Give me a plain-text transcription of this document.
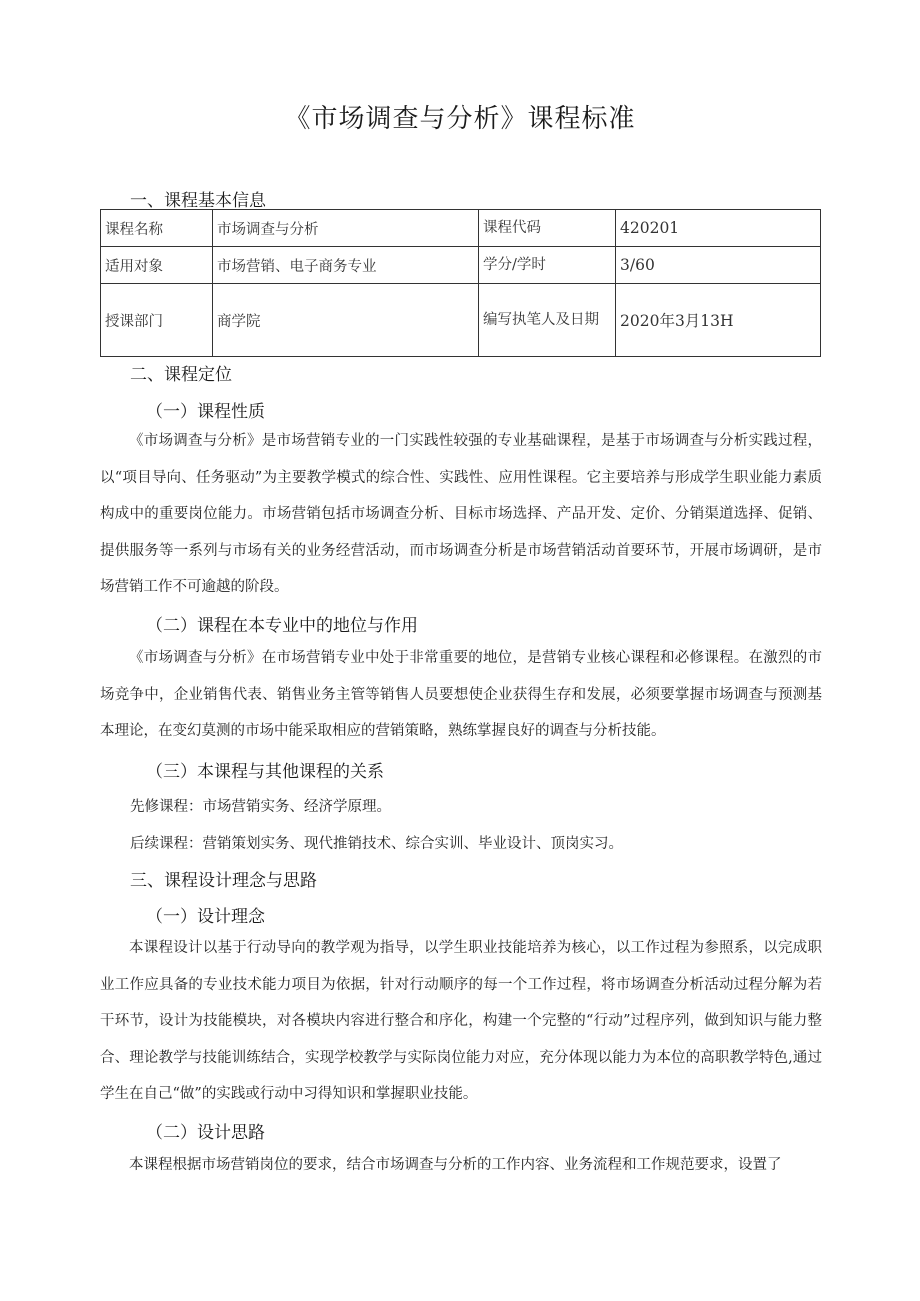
《市场调查与分析》课程标准
一、课程基本信息
课程名称	市场调查与分析	课程代码	420201
适用对象	市场营销、电子商务专业	学分/学时	3/60
授课部门	商学院	编写执笔人及日期	2020年3月13H
二、课程定位
（一）课程性质
《市场调查与分析》是市场营销专业的一门实践性较强的专业基础课程，是基于市场调查与分析实践过程，以“项目导向、任务驱动”为主要教学模式的综合性、实践性、应用性课程。它主要培养与形成学生职业能力素质构成中的重要岗位能力。市场营销包括市场调查分析、目标市场选择、产品开发、定价、分销渠道选择、促销、提供服务等一系列与市场有关的业务经营活动，而市场调查分析是市场营销活动首要环节，开展市场调研，是市场营销工作不可逾越的阶段。
（二）课程在本专业中的地位与作用
《市场调查与分析》在市场营销专业中处于非常重要的地位，是营销专业核心课程和必修课程。在激烈的市场竞争中，企业销售代表、销售业务主管等销售人员要想使企业获得生存和发展，必须要掌握市场调查与预测基本理论，在变幻莫测的市场中能采取相应的营销策略，熟练掌握良好的调查与分析技能。
（三）本课程与其他课程的关系
先修课程：市场营销实务、经济学原理。
后续课程：营销策划实务、现代推销技术、综合实训、毕业设计、顶岗实习。
三、课程设计理念与思路
（一）设计理念
本课程设计以基于行动导向的教学观为指导，以学生职业技能培养为核心，以工作过程为参照系，以完成职业工作应具备的专业技术能力项目为依据，针对行动顺序的每一个工作过程，将市场调查分析活动过程分解为若干环节，设计为技能模块，对各模块内容进行整合和序化，构建一个完整的“行动”过程序列，做到知识与能力整合、理论教学与技能训练结合，实现学校教学与实际岗位能力对应，充分体现以能力为本位的高职教学特色,通过学生在自己“做”的实践或行动中习得知识和掌握职业技能。
（二）设计思路
本课程根据市场营销岗位的要求，结合市场调查与分析的工作内容、业务流程和工作规范要求，设置了
